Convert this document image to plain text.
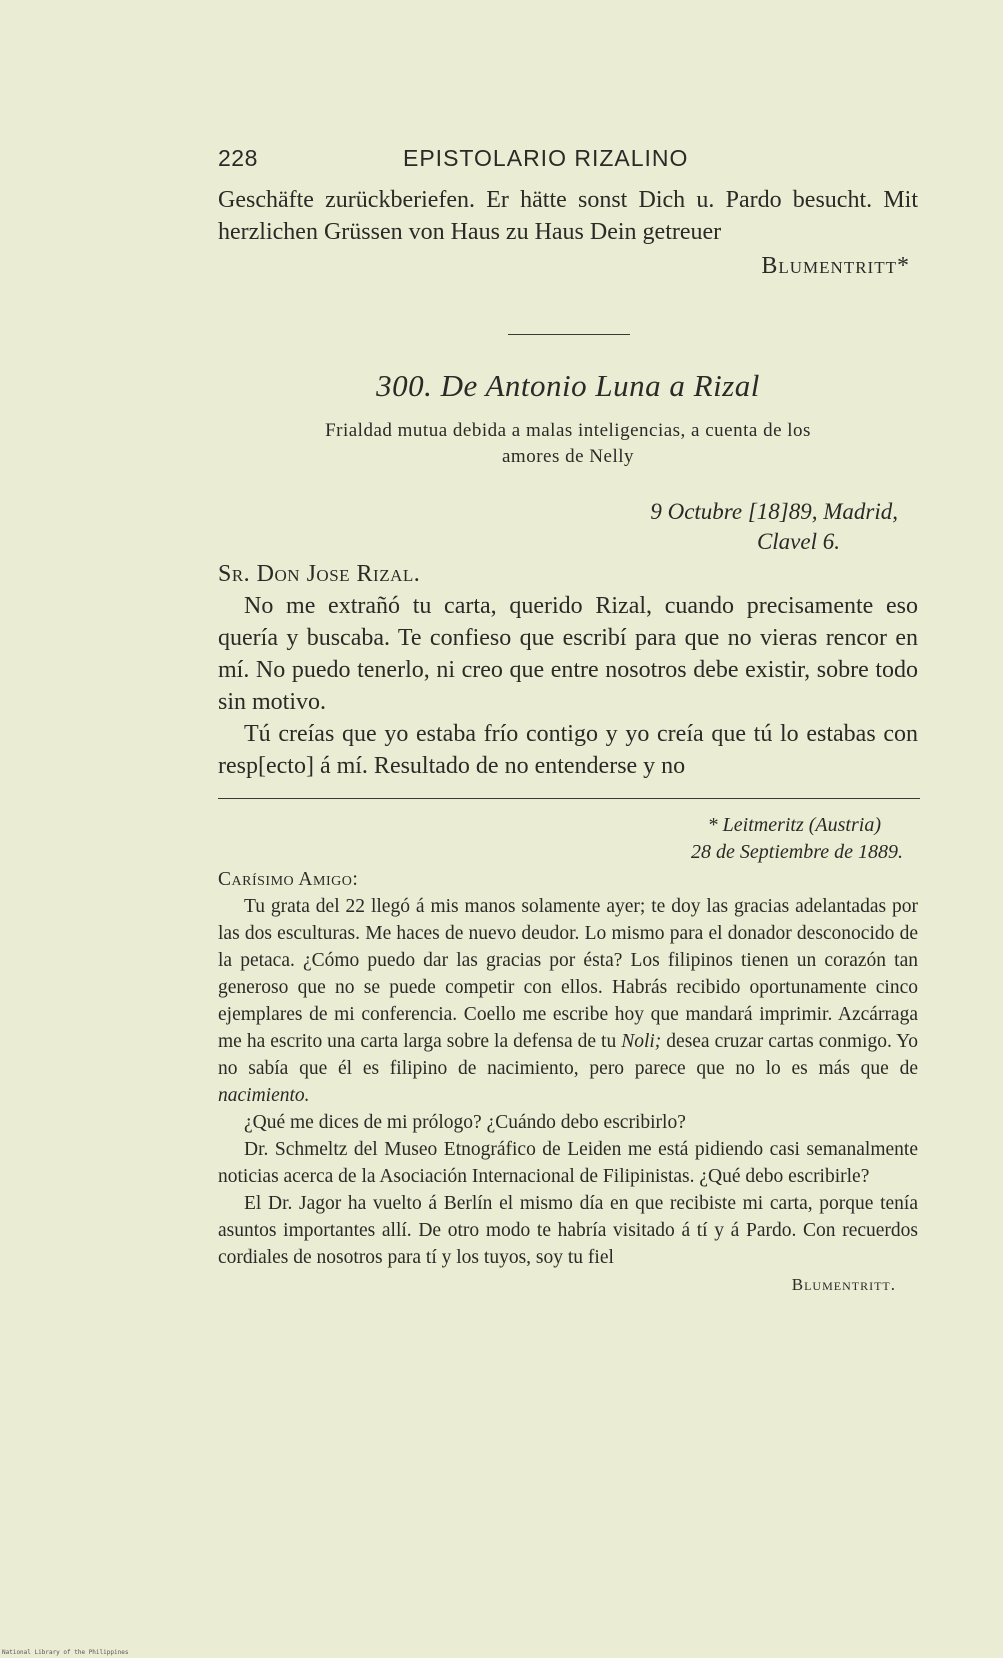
228	EPISTOLARIO RIZALINO

Geschäfte zurückberiefen. Er hätte sonst Dich u. Pardo besucht. Mit herzlichen Grüssen von Haus zu Haus Dein getreuer

Blumentritt*

300. De Antonio Luna a Rizal
Frialdad mutua debida a malas inteligencias, a cuenta de los
amores de Nelly
9 Octubre [18]89, Madrid,
Clavel 6.

Sr. Don Jose Rizal.

No me extrañó tu carta, querido Rizal, cuando precisamente eso quería y buscaba. Te confieso que escribí para que no vieras rencor en mí. No puedo tenerlo, ni creo que entre nosotros debe existir, sobre todo sin motivo.

Tú creías que yo estaba frío contigo y yo creía que tú lo estabas con resp[ecto] á mí. Resultado de no entenderse y no

* Leitmeritz (Austria)
28 de Septiembre de 1889.

Carísimo Amigo:

Tu grata del 22 llegó á mis manos solamente ayer; te doy las gracias adelantadas por las dos esculturas. Me haces de nuevo deudor. Lo mismo para el donador desconocido de la petaca. ¿Cómo puedo dar las gracias por ésta? Los filipinos tienen un corazón tan generoso que no se puede competir con ellos. Habrás recibido oportunamente cinco ejemplares de mi conferencia. Coello me escribe hoy que mandará imprimir. Azcárraga me ha escrito una carta larga sobre la defensa de tu Noli; desea cruzar cartas conmigo. Yo no sabía que él es filipino de nacimiento, pero parece que no lo es más que de nacimiento.

¿Qué me dices de mi prólogo? ¿Cuándo debo escribirlo?

Dr. Schmeltz del Museo Etnográfico de Leiden me está pidiendo casi semanalmente noticias acerca de la Asociación Internacional de Filipinistas. ¿Qué debo escribirle?

El Dr. Jagor ha vuelto á Berlín el mismo día en que recibiste mi carta, porque tenía asuntos importantes allí. De otro modo te habría visitado á tí y á Pardo. Con recuerdos cordiales de nosotros para tí y los tuyos, soy tu fiel

Blumentritt.

National Library of the Philippines
